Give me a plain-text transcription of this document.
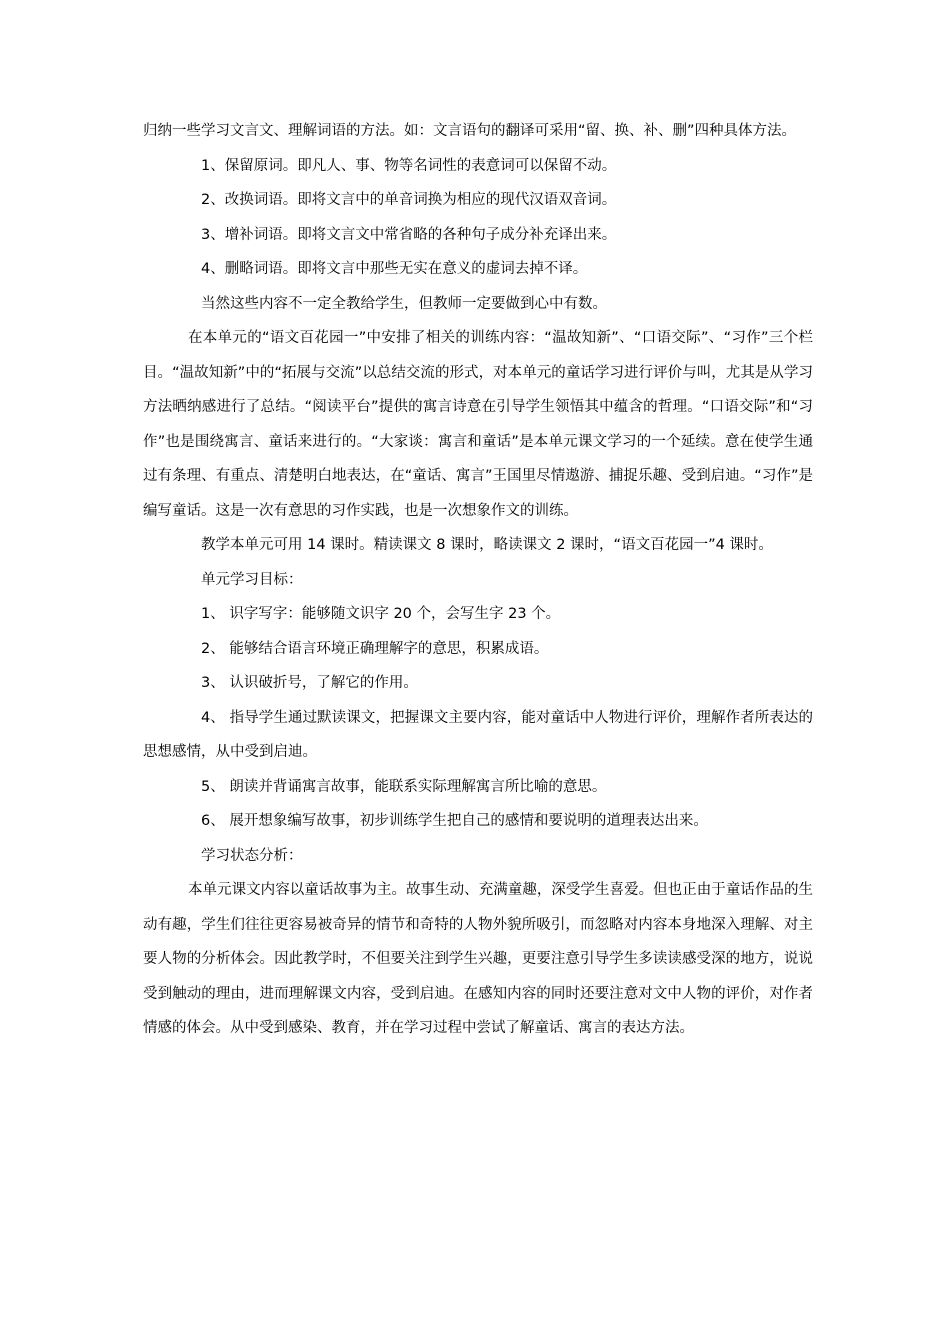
归纳一些学习文言文、理解词语的方法。如：文言语句的翻译可采用“留、换、补、删”四种具体方法。

1、保留原词。即凡人、事、物等名词性的表意词可以保留不动。

2、改换词语。即将文言中的单音词换为相应的现代汉语双音词。

3、增补词语。即将文言文中常省略的各种句子成分补充译出来。

4、删略词语。即将文言中那些无实在意义的虚词去掉不译。

当然这些内容不一定全教给学生，但教师一定要做到心中有数。

在本单元的“语文百花园一”中安排了相关的训练内容：“温故知新”、“口语交际”、“习作”三个栏目。“温故知新”中的“拓展与交流”以总结交流的形式，对本单元的童话学习进行评价与叫，尤其是从学习方法晒纳感进行了总结。“阅读平台”提供的寓言诗意在引导学生领悟其中蕴含的哲理。“口语交际”和“习作”也是围绕寓言、童话来进行的。“大家谈：寓言和童话”是本单元课文学习的一个延续。意在使学生通过有条理、有重点、清楚明白地表达，在“童话、寓言”王国里尽情遨游、捕捉乐趣、受到启迪。“习作”是编写童话。这是一次有意思的习作实践，也是一次想象作文的训练。

教学本单元可用 14 课时。精读课文 8 课时，略读课文 2 课时，“语文百花园一”4 课时。

单元学习目标：

1、 识字写字：能够随文识字 20 个，会写生字 23 个。

2、 能够结合语言环境正确理解字的意思，积累成语。

3、 认识破折号，了解它的作用。

4、 指导学生通过默读课文，把握课文主要内容，能对童话中人物进行评价，理解作者所表达的思想感情，从中受到启迪。

5、 朗读并背诵寓言故事，能联系实际理解寓言所比喻的意思。

6、 展开想象编写故事，初步训练学生把自己的感情和要说明的道理表达出来。

学习状态分析：

本单元课文内容以童话故事为主。故事生动、充满童趣，深受学生喜爱。但也正由于童话作品的生动有趣，学生们往往更容易被奇异的情节和奇特的人物外貌所吸引，而忽略对内容本身地深入理解、对主要人物的分析体会。因此教学时，不但要关注到学生兴趣，更要注意引导学生多读读感受深的地方，说说受到触动的理由，进而理解课文内容，受到启迪。在感知内容的同时还要注意对文中人物的评价，对作者情感的体会。从中受到感染、教育，并在学习过程中尝试了解童话、寓言的表达方法。
